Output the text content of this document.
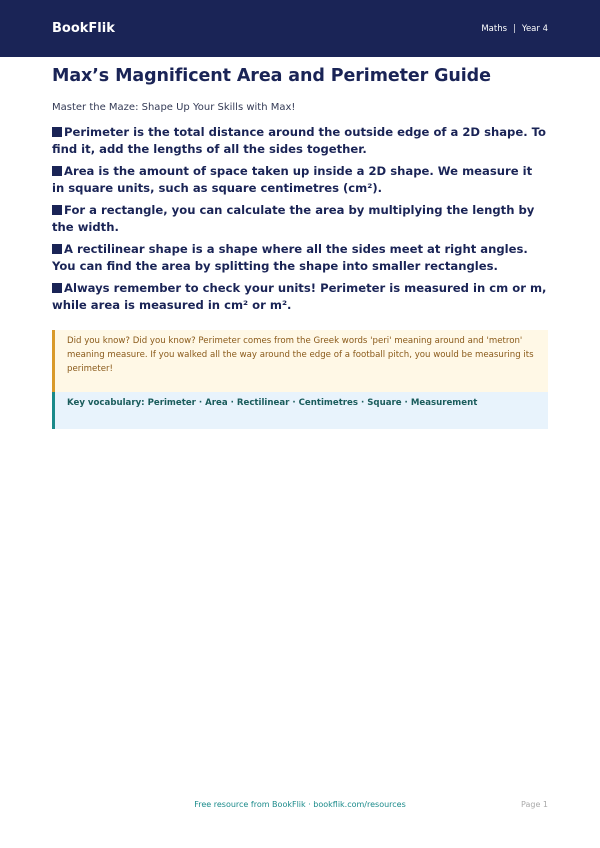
BookFlik	Maths | Year 4
Max’s Magnificent Area and Perimeter Guide
Master the Maze: Shape Up Your Skills with Max!
Perimeter is the total distance around the outside edge of a 2D shape. To find it, add the lengths of all the sides together.
Area is the amount of space taken up inside a 2D shape. We measure it in square units, such as square centimetres (cm²).
For a rectangle, you can calculate the area by multiplying the length by the width.
A rectilinear shape is a shape where all the sides meet at right angles. You can find the area by splitting the shape into smaller rectangles.
Always remember to check your units! Perimeter is measured in cm or m, while area is measured in cm² or m².
Did you know? Did you know? Perimeter comes from the Greek words 'peri' meaning around and 'metron' meaning measure. If you walked all the way around the edge of a football pitch, you would be measuring its perimeter!
Key vocabulary: Perimeter · Area · Rectilinear · Centimetres · Square · Measurement
Free resource from BookFlik · bookflik.com/resources	Page 1
